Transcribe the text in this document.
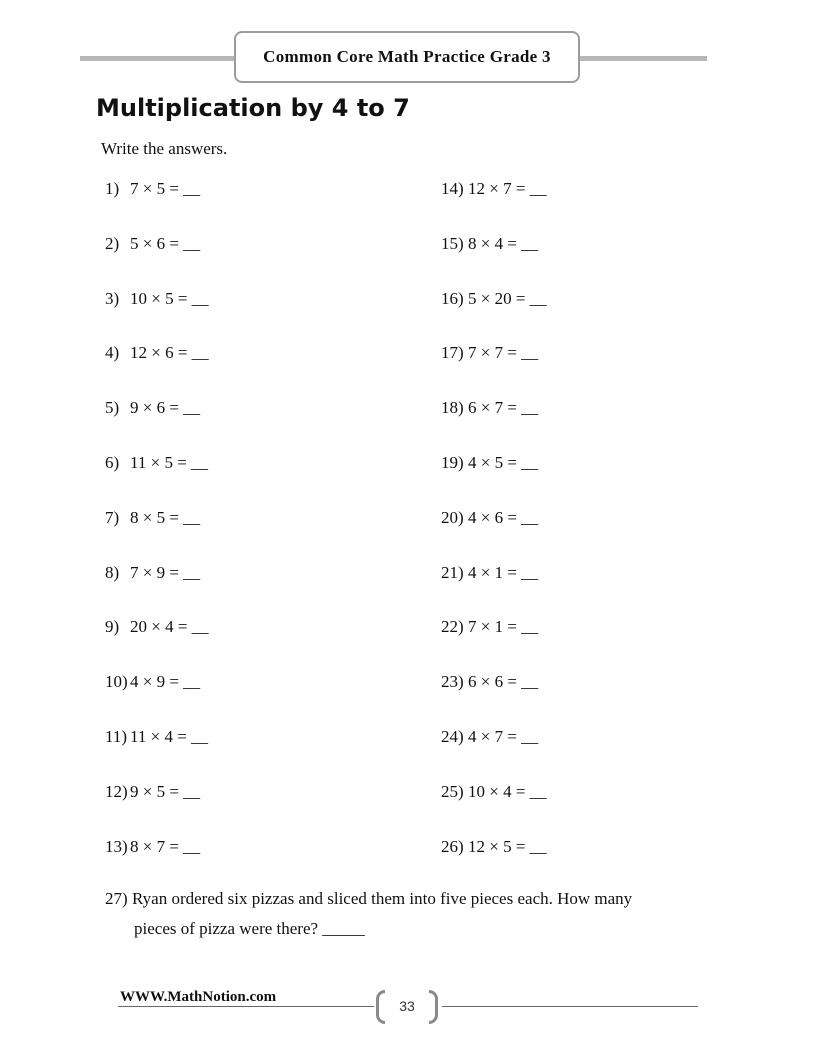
Common Core Math Practice Grade 3
Multiplication by 4 to 7
Write the answers.
1) 7 × 5 = __
2) 5 × 6 = __
3) 10 × 5 = __
4) 12 × 6 = __
5) 9 × 6 = __
6) 11 × 5 = __
7) 8 × 5 = __
8) 7 × 9 = __
9) 20 × 4 = __
10) 4 × 9 = __
11) 11 × 4 = __
12) 9 × 5 = __
13) 8 × 7 = __
14) 12 × 7 = __
15) 8 × 4 = __
16) 5 × 20 = __
17) 7 × 7 = __
18) 6 × 7 = __
19) 4 × 5 = __
20) 4 × 6 = __
21) 4 × 1 = __
22) 7 × 1 = __
23) 6 × 6 = __
24) 4 × 7 = __
25) 10 × 4 = __
26) 12 × 5 = __
27) Ryan ordered six pizzas and sliced them into five pieces each. How many
pieces of pizza were there? _____
WWW.MathNotion.com
33
